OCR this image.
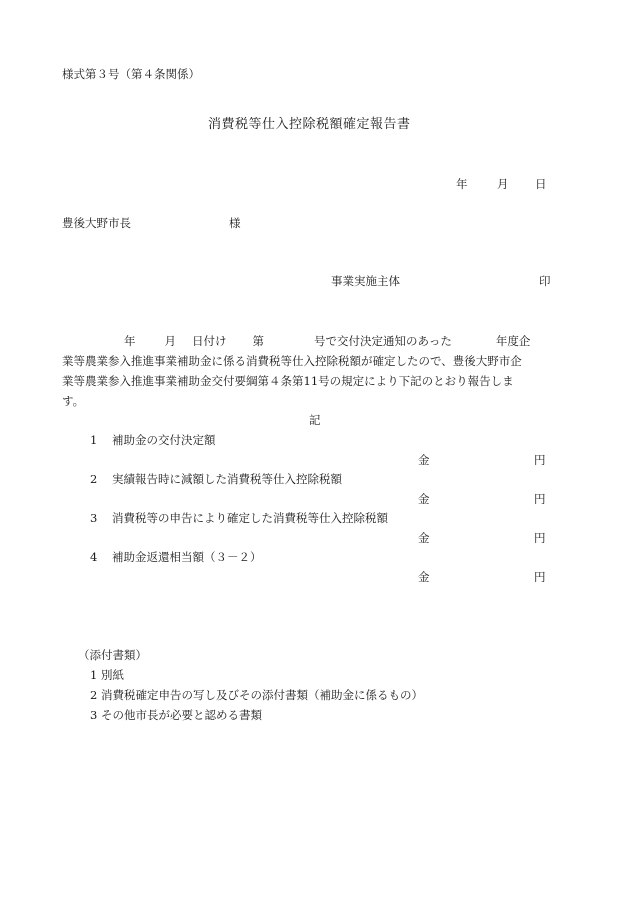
様式第３号（第４条関係）
消費税等仕入控除税額確定報告書
年	月 日
豊後大野市長	様
事業実施主体	印
年	月 日付け 第	号で交付決定通知のあった	年度企
業等農業参入推進事業補助金に係る消費税等仕入控除税額が確定したので、豊後大野市企
業等農業参入推進事業補助金交付要綱第４条第11号の規定により下記のとおり報告しま
す。
記
1 補助金の交付決定額
金	円
2 実績報告時に減額した消費税等仕入控除税額
金	円
3 消費税等の申告により確定した消費税等仕入控除税額
金	円
4 補助金返還相当額（３－２）
金	円
（添付書類）
1 別紙
2 消費税確定申告の写し及びその添付書類（補助金に係るもの）
3 その他市長が必要と認める書類
